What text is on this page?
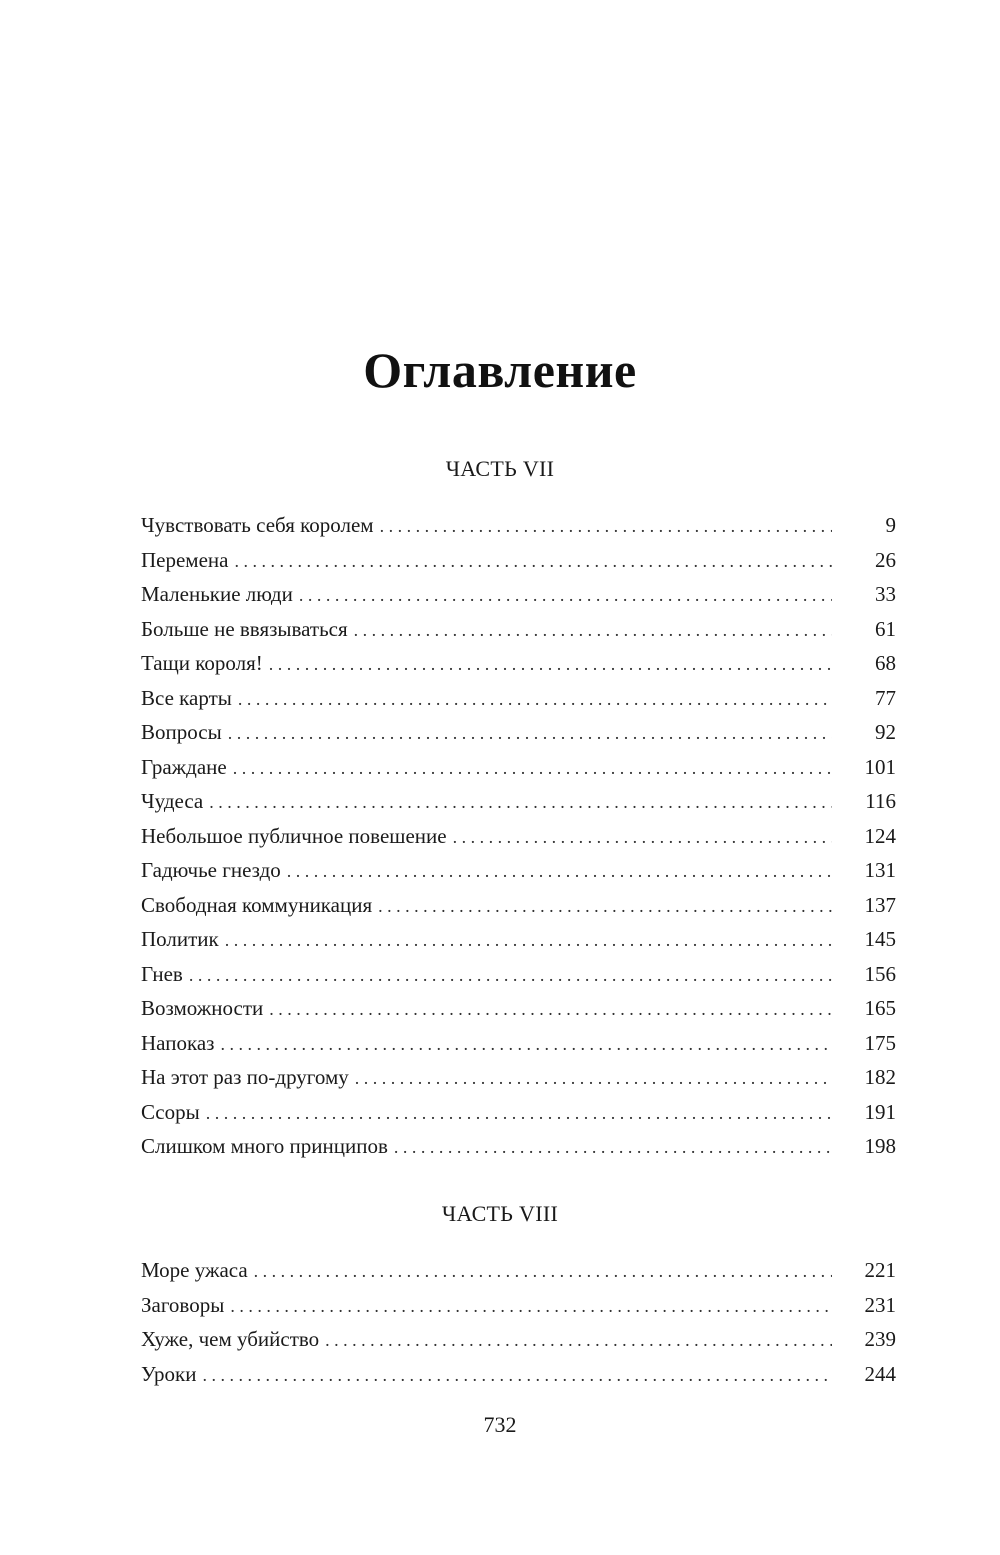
Оглавление
ЧАСТЬ VII
Чувствовать себя королем . . .	9
Перемена . . .	26
Маленькие люди . . .	33
Больше не ввязываться . . .	61
Тащи короля! . . .	68
Все карты . . .	77
Вопросы . . .	92
Граждане . . .	101
Чудеса . . .	116
Небольшое публичное повешение . . .	124
Гадючье гнездо . . .	131
Свободная коммуникация . . .	137
Политик . . .	145
Гнев . . .	156
Возможности . . .	165
Напоказ . . .	175
На этот раз по-другому . . .	182
Ссоры . . .	191
Слишком много принципов . . .	198
ЧАСТЬ VIII
Море ужаса . . .	221
Заговоры . . .	231
Хуже, чем убийство . . .	239
Уроки . . .	244
732
